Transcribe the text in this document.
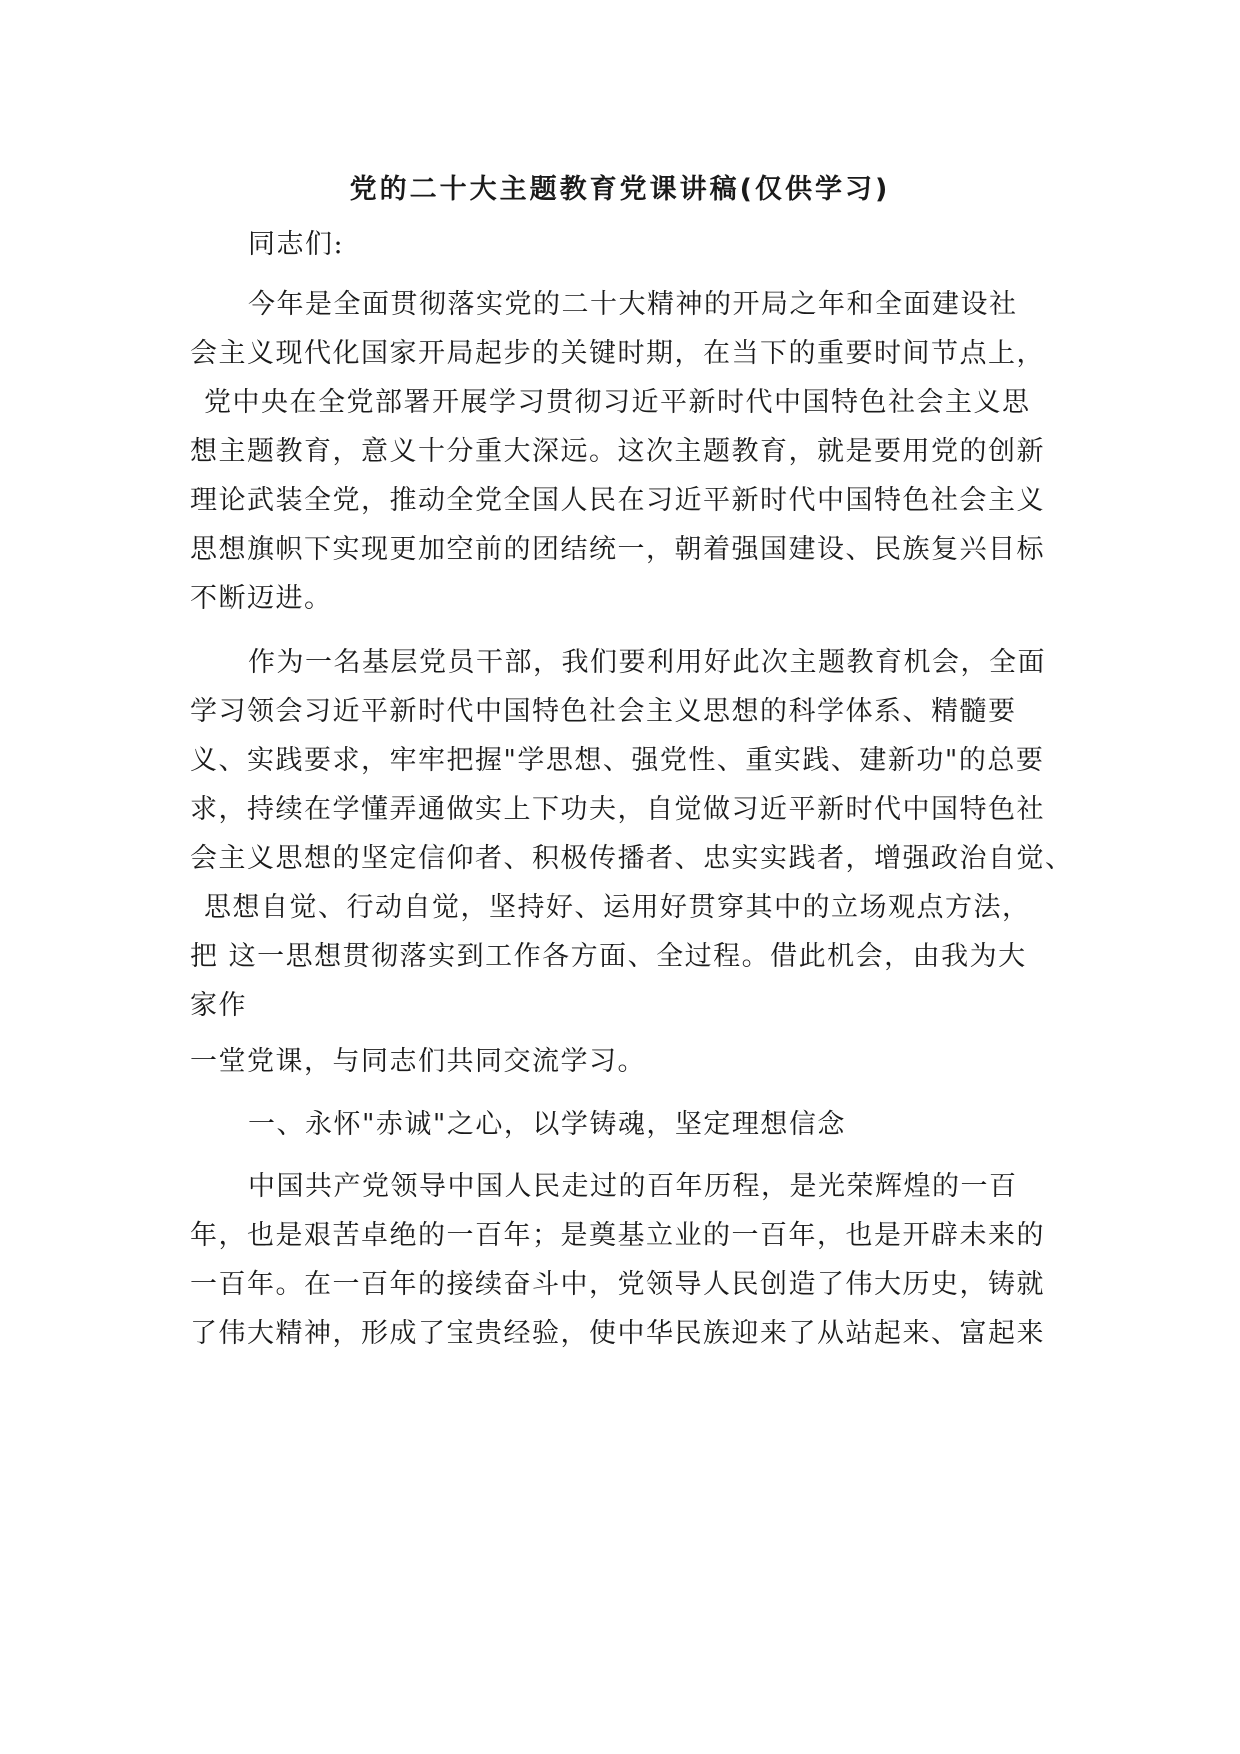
党的二十大主题教育党课讲稿(仅供学习)
同志们:
今年是全面贯彻落实党的二十大精神的开局之年和全面建设社
会主义现代化国家开局起步的关键时期，在当下的重要时间节点上，
党中央在全党部署开展学习贯彻习近平新时代中国特色社会主义思
想主题教育，意义十分重大深远。这次主题教育，就是要用党的创新
理论武装全党，推动全党全国人民在习近平新时代中国特色社会主义
思想旗帜下实现更加空前的团结统一，朝着强国建设、民族复兴目标
不断迈进。
作为一名基层党员干部，我们要利用好此次主题教育机会，全面
学习领会习近平新时代中国特色社会主义思想的科学体系、精髓要
义、实践要求，牢牢把握"学思想、强党性、重实践、建新功"的总要
求，持续在学懂弄通做实上下功夫，自觉做习近平新时代中国特色社
会主义思想的坚定信仰者、积极传播者、忠实实践者，增强政治自觉、
思想自觉、行动自觉，坚持好、运用好贯穿其中的立场观点方法，
把 这一思想贯彻落实到工作各方面、全过程。借此机会，由我为大
家作
一堂党课，与同志们共同交流学习。
一、永怀"赤诚"之心，以学铸魂，坚定理想信念
中国共产党领导中国人民走过的百年历程，是光荣辉煌的一百
年，也是艰苦卓绝的一百年；是奠基立业的一百年，也是开辟未来的
一百年。在一百年的接续奋斗中，党领导人民创造了伟大历史，铸就
了伟大精神，形成了宝贵经验，使中华民族迎来了从站起来、富起来
